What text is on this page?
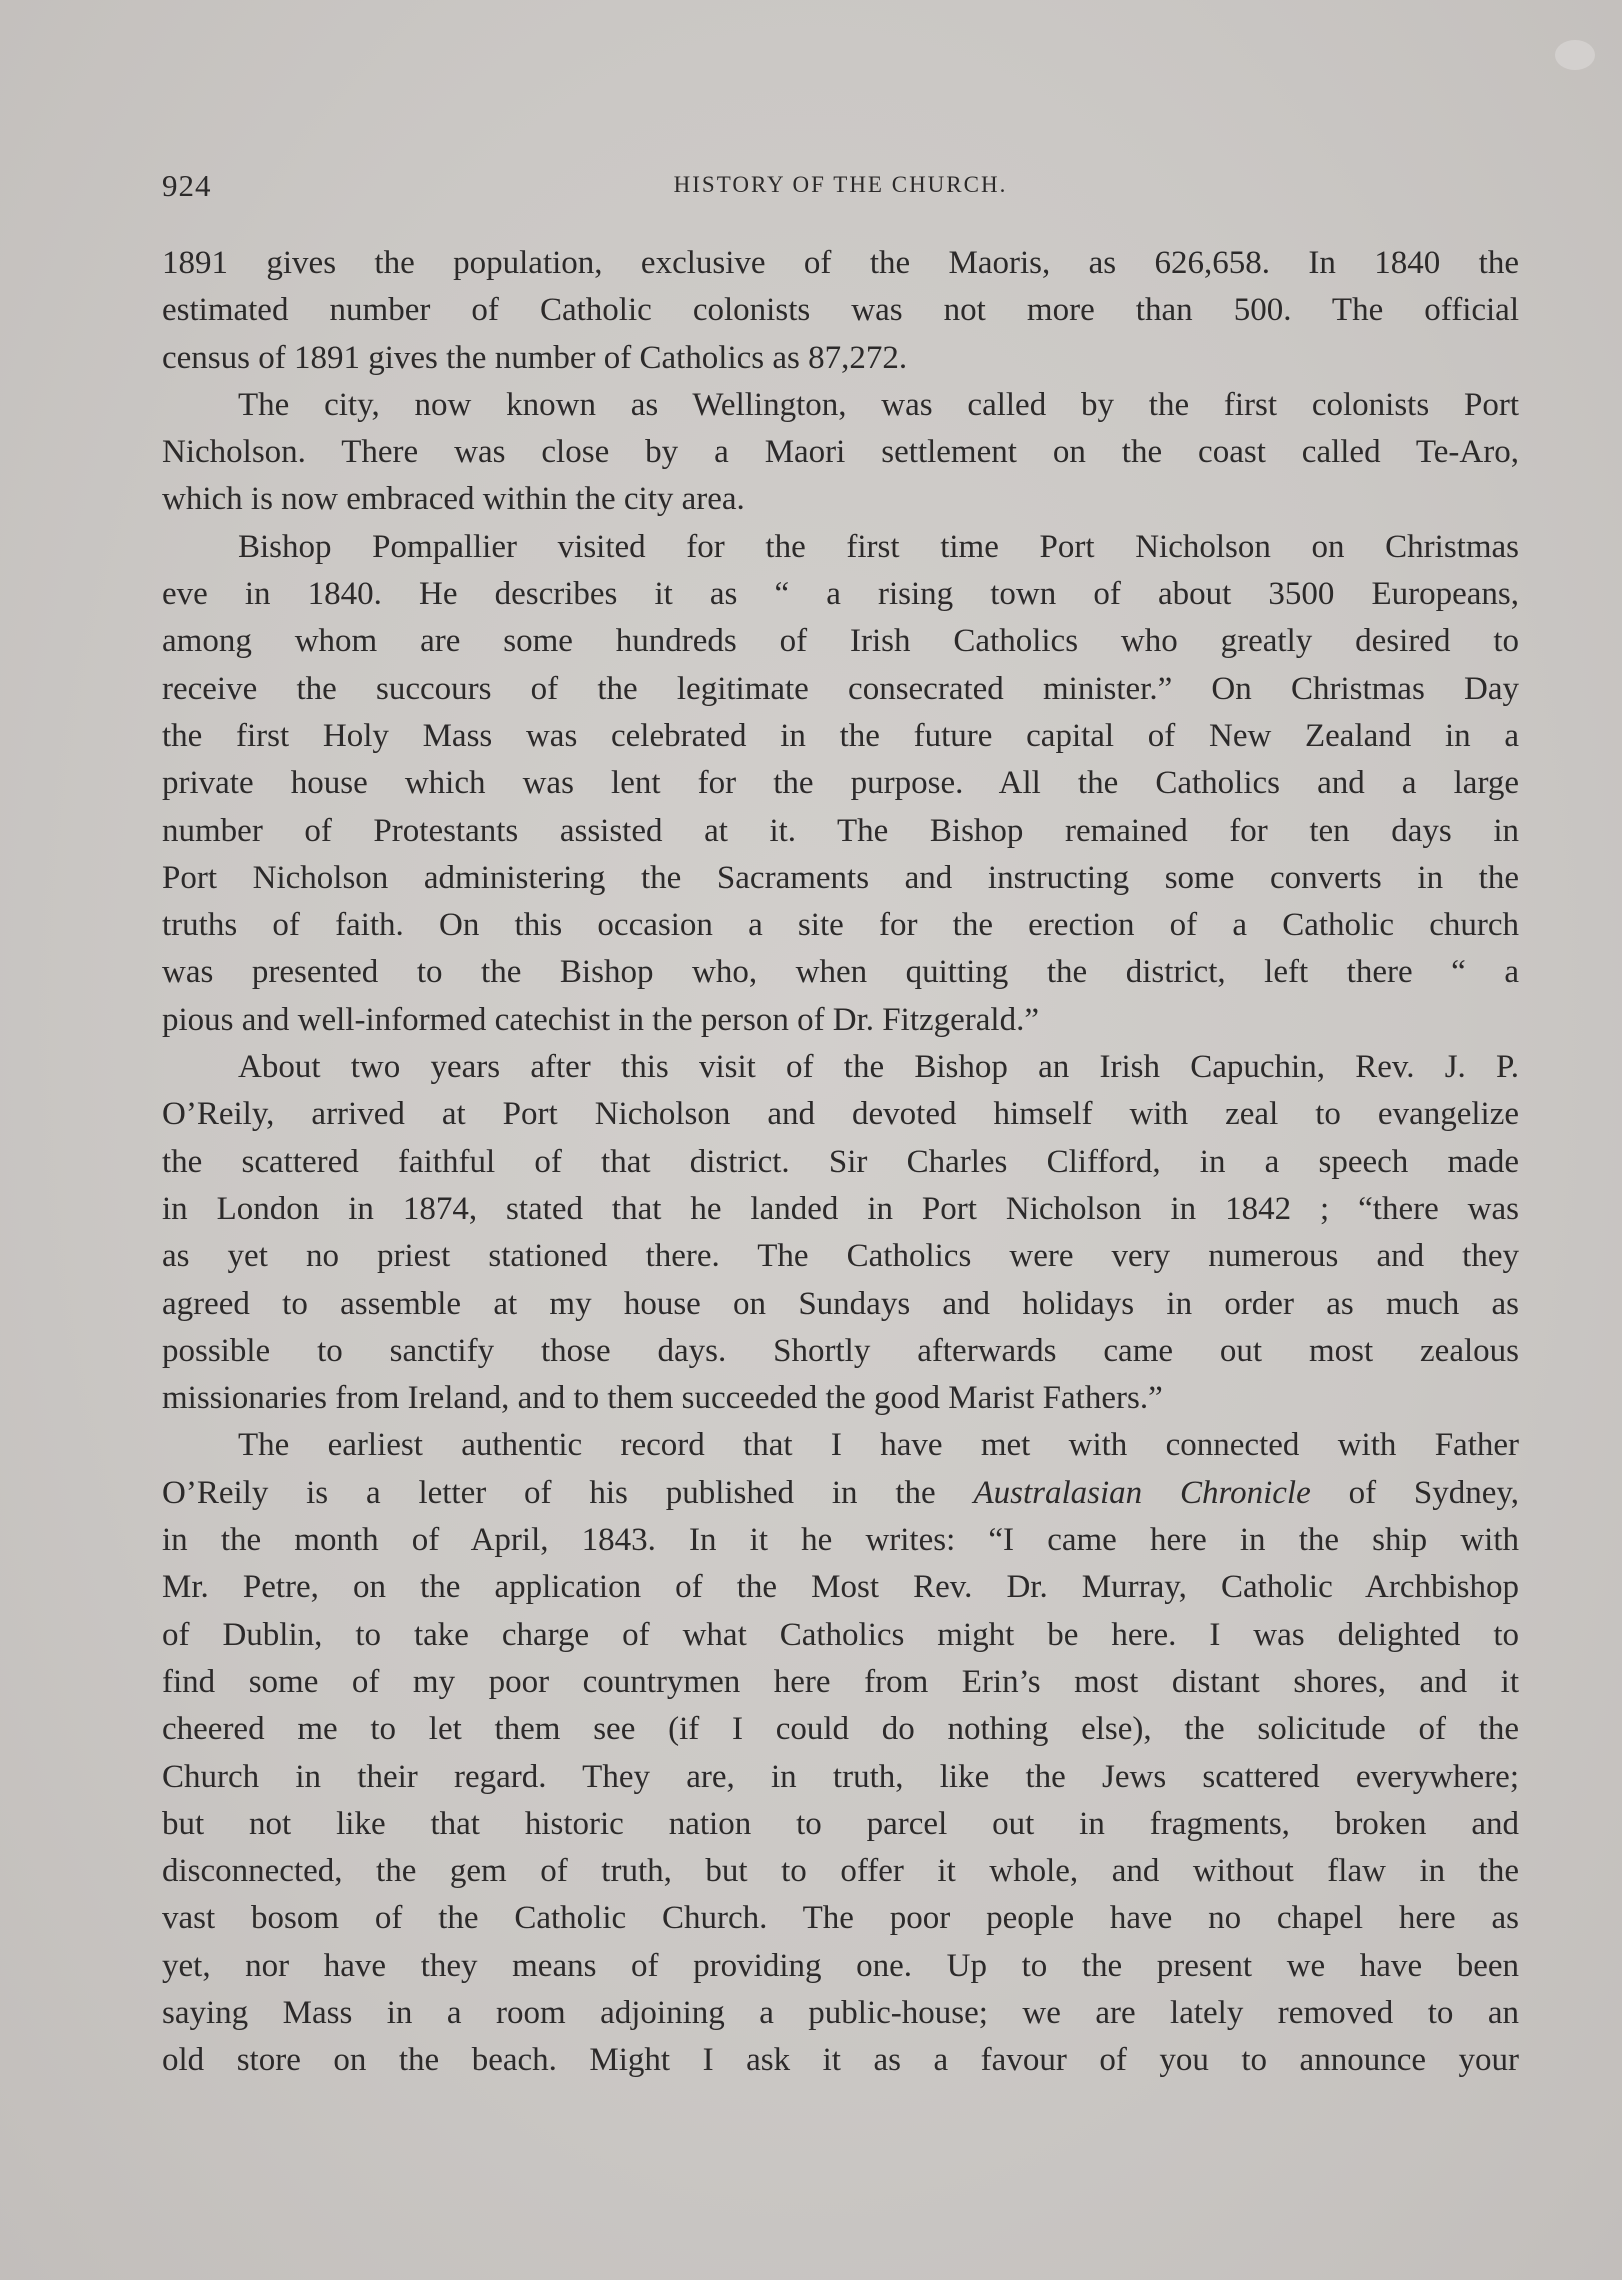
924	HISTORY OF THE CHURCH.

1891 gives the population, exclusive of the Maoris, as 626,658. In 1840 the
estimated number of Catholic colonists was not more than 500. The official
census of 1891 gives the number of Catholics as 87,272.

The city, now known as Wellington, was called by the first colonists Port
Nicholson. There was close by a Maori settlement on the coast called Te-Aro,
which is now embraced within the city area.

Bishop Pompallier visited for the first time Port Nicholson on Christmas
eve in 1840. He describes it as “ a rising town of about 3500 Europeans,
among whom are some hundreds of Irish Catholics who greatly desired to
receive the succours of the legitimate consecrated minister.” On Christmas Day
the first Holy Mass was celebrated in the future capital of New Zealand in a
private house which was lent for the purpose. All the Catholics and a large
number of Protestants assisted at it. The Bishop remained for ten days in
Port Nicholson administering the Sacraments and instructing some converts in the
truths of faith. On this occasion a site for the erection of a Catholic church
was presented to the Bishop who, when quitting the district, left there “ a
pious and well-informed catechist in the person of Dr. Fitzgerald.”

About two years after this visit of the Bishop an Irish Capuchin, Rev. J. P.
O’Reily, arrived at Port Nicholson and devoted himself with zeal to evangelize
the scattered faithful of that district. Sir Charles Clifford, in a speech made
in London in 1874, stated that he landed in Port Nicholson in 1842 ; “there was
as yet no priest stationed there. The Catholics were very numerous and they
agreed to assemble at my house on Sundays and holidays in order as much as
possible to sanctify those days. Shortly afterwards came out most zealous
missionaries from Ireland, and to them succeeded the good Marist Fathers.”

The earliest authentic record that I have met with connected with Father
O’Reily is a letter of his published in the Australasian Chronicle of Sydney,
in the month of April, 1843. In it he writes: “I came here in the ship with
Mr. Petre, on the application of the Most Rev. Dr. Murray, Catholic Archbishop
of Dublin, to take charge of what Catholics might be here. I was delighted to
find some of my poor countrymen here from Erin’s most distant shores, and it
cheered me to let them see (if I could do nothing else), the solicitude of the
Church in their regard. They are, in truth, like the Jews scattered everywhere;
but not like that historic nation to parcel out in fragments, broken and
disconnected, the gem of truth, but to offer it whole, and without flaw in the
vast bosom of the Catholic Church. The poor people have no chapel here as
yet, nor have they means of providing one. Up to the present we have been
saying Mass in a room adjoining a public-house; we are lately removed to an
old store on the beach. Might I ask it as a favour of you to announce your
